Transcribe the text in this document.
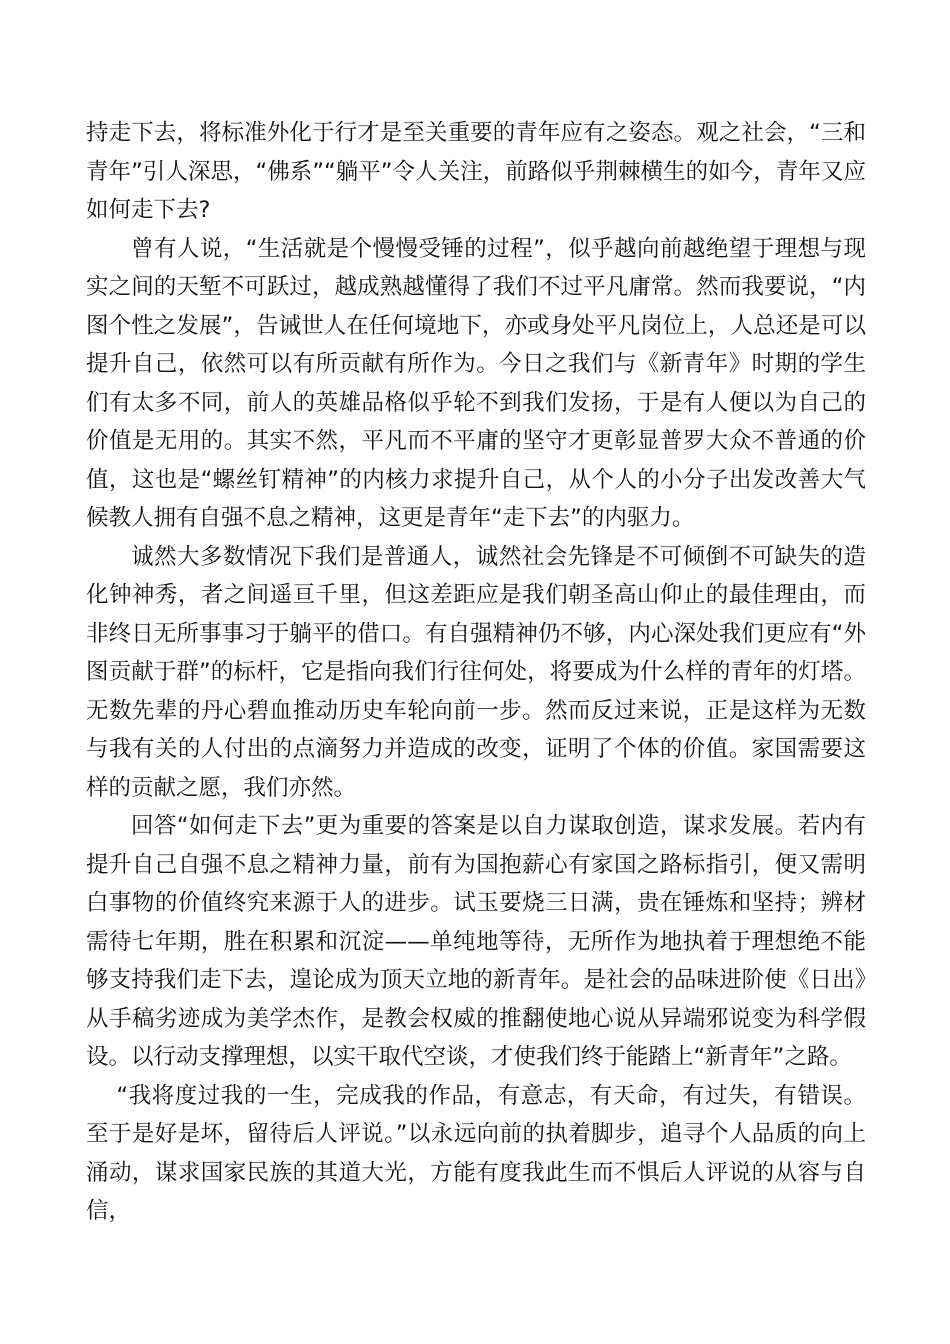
持走下去，将标准外化于行才是至关重要的青年应有之姿态。观之社会，“三和青年”引人深思，“佛系”“躺平”令人关注，前路似乎荆棘横生的如今，青年又应如何走下去?

曾有人说，“生活就是个慢慢受锤的过程”，似乎越向前越绝望于理想与现实之间的天堑不可跃过，越成熟越懂得了我们不过平凡庸常。然而我要说，“内图个性之发展”，告诫世人在任何境地下，亦或身处平凡岗位上，人总还是可以提升自己，依然可以有所贡献有所作为。今日之我们与《新青年》时期的学生们有太多不同，前人的英雄品格似乎轮不到我们发扬，于是有人便以为自己的价值是无用的。其实不然，平凡而不平庸的坚守才更彰显普罗大众不普通的价值，这也是“螺丝钉精神”的内核力求提升自己，从个人的小分子出发改善大气候教人拥有自强不息之精神，这更是青年“走下去”的内驱力。

诚然大多数情况下我们是普通人，诚然社会先锋是不可倾倒不可缺失的造化钟神秀，者之间遥亘千里，但这差距应是我们朝圣高山仰止的最佳理由，而非终日无所事事习于躺平的借口。有自强精神仍不够，内心深处我们更应有“外图贡献于群”的标杆，它是指向我们行往何处，将要成为什么样的青年的灯塔。无数先辈的丹心碧血推动历史车轮向前一步。然而反过来说，正是这样为无数与我有关的人付出的点滴努力并造成的改变，证明了个体的价值。家国需要这样的贡献之愿，我们亦然。

回答“如何走下去”更为重要的答案是以自力谋取创造，谋求发展。若内有提升自己自强不息之精神力量，前有为国抱薪心有家国之路标指引，便又需明白事物的价值终究来源于人的进步。试玉要烧三日满，贵在锤炼和坚持；辨材需待七年期，胜在积累和沉淀——单纯地等待，无所作为地执着于理想绝不能够支持我们走下去，遑论成为顶天立地的新青年。是社会的品味进阶使《日出》从手稿劣迹成为美学杰作，是教会权威的推翻使地心说从异端邪说变为科学假设。以行动支撑理想，以实干取代空谈，才使我们终于能踏上“新青年”之路。

“我将度过我的一生，完成我的作品，有意志，有天命，有过失，有错误。至于是好是坏，留待后人评说。”以永远向前的执着脚步，追寻个人品质的向上涌动，谋求国家民族的其道大光，方能有度我此生而不惧后人评说的从容与自信，
